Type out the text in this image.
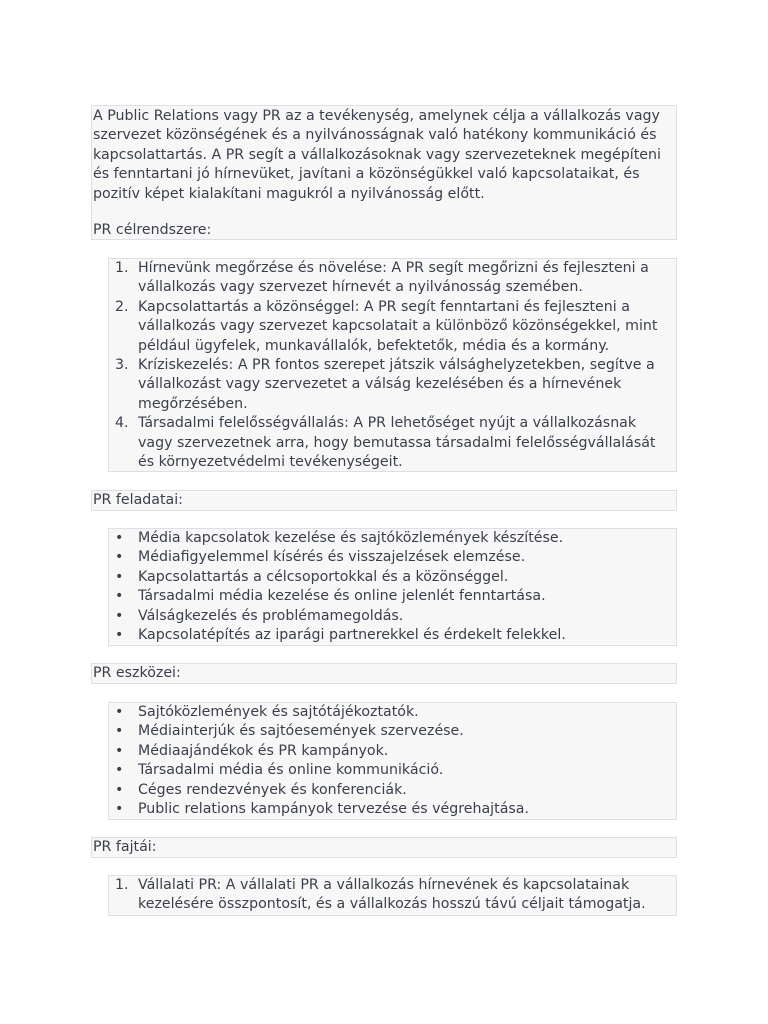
A Public Relations vagy PR az a tevékenység, amelynek célja a vállalkozás vagy szervezet közönségének és a nyilvánosságnak való hatékony kommunikáció és kapcsolattartás. A PR segít a vállalkozásoknak vagy szervezeteknek megépíteni és fenntartani jó hírnevüket, javítani a közönségükkel való kapcsolataikat, és pozitív képet kialakítani magukról a nyilvánosság előtt.

PR célrendszere:

1. Hírnevünk megőrzése és növelése: A PR segít megőrizni és fejleszteni a vállalkozás vagy szervezet hírnevét a nyilvánosság szemében.
2. Kapcsolattartás a közönséggel: A PR segít fenntartani és fejleszteni a vállalkozás vagy szervezet kapcsolatait a különböző közönségekkel, mint például ügyfelek, munkavállalók, befektetők, média és a kormány.
3. Kríziskezelés: A PR fontos szerepet játszik válsághelyzetekben, segítve a vállalkozást vagy szervezetet a válság kezelésében és a hírnevének megőrzésében.
4. Társadalmi felelősségvállalás: A PR lehetőséget nyújt a vállalkozásnak vagy szervezetnek arra, hogy bemutassa társadalmi felelősségvállalását és környezetvédelmi tevékenységeit.
PR feladatai:
•	Média kapcsolatok kezelése és sajtóközlemények készítése.
•	Médiafigyelemmel kísérés és visszajelzések elemzése.
•	Kapcsolattartás a célcsoportokkal és a közönséggel.
•	Társadalmi média kezelése és online jelenlét fenntartása.
•	Válságkezelés és problémamegoldás.
•	Kapcsolatépítés az iparági partnerekkel és érdekelt felekkel.
PR eszközei:
•	Sajtóközlemények és sajtótájékoztatók.
•	Médiainterjúk és sajtóesemények szervezése.
•	Médiaajándékok és PR kampányok.
•	Társadalmi média és online kommunikáció.
•	Céges rendezvények és konferenciák.
•	Public relations kampányok tervezése és végrehajtása.
PR fajtái:
1. Vállalati PR: A vállalati PR a vállalkozás hírnevének és kapcsolatainak kezelésére összpontosít, és a vállalkozás hosszú távú céljait támogatja.
